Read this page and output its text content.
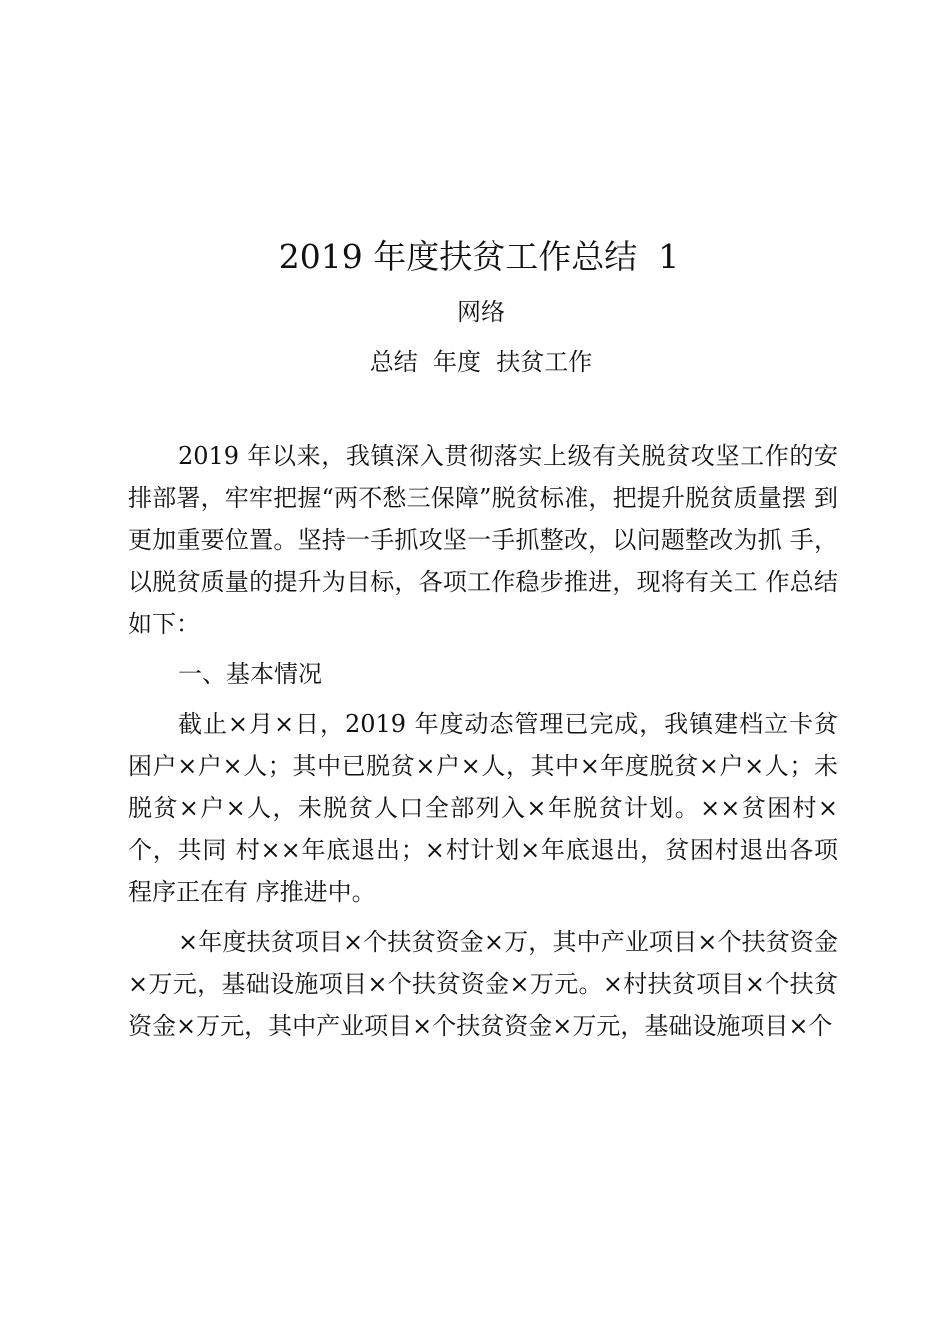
2019 年度扶贫工作总结  1
网络
总结  年度  扶贫工作

2019 年以来，我镇深入贯彻落实上级有关脱贫攻坚工作的安排部署，牢牢把握“两不愁三保障”脱贫标准，把提升脱贫质量摆 到更加重要位置。坚持一手抓攻坚一手抓整改，以问题整改为抓 手，以脱贫质量的提升为目标，各项工作稳步推进，现将有关工 作总结如下：

一、基本情况

截止×月×日，2019 年度动态管理已完成，我镇建档立卡贫困户×户×人；其中已脱贫×户×人，其中×年度脱贫×户×人；未脱贫×户×人，未脱贫人口全部列入×年脱贫计划。××贫困村×个，共同 村××年底退出；×村计划×年底退出，贫困村退出各项程序正在有 序推进中。

×年度扶贫项目×个扶贫资金×万，其中产业项目×个扶贫资金×万元，基础设施项目×个扶贫资金×万元。×村扶贫项目×个扶贫 资金×万元，其中产业项目×个扶贫资金×万元，基础设施项目×个
